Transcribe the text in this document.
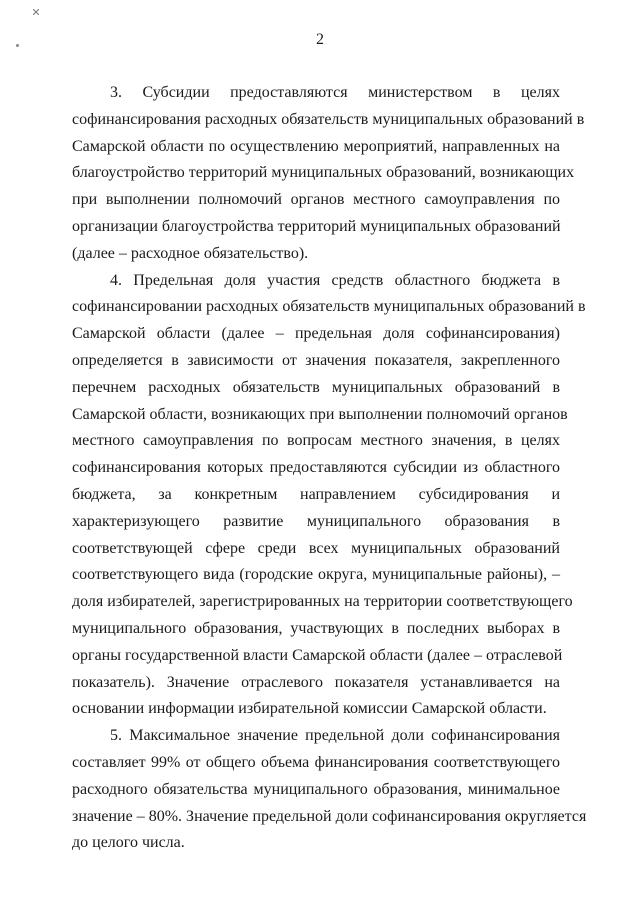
2
3. Субсидии предоставляются министерством в целях
софинансирования расходных обязательств муниципальных образований в
Самарской области по осуществлению мероприятий, направленных на
благоустройство территорий муниципальных образований, возникающих
при выполнении полномочий органов местного самоуправления по
организации благоустройства территорий муниципальных образований
(далее – расходное обязательство).
4. Предельная доля участия средств областного бюджета в
софинансировании расходных обязательств муниципальных образований в
Самарской области (далее – предельная доля софинансирования)
определяется в зависимости от значения показателя, закрепленного
перечнем расходных обязательств муниципальных образований в
Самарской области, возникающих при выполнении полномочий органов
местного самоуправления по вопросам местного значения, в целях
софинансирования которых предоставляются субсидии из областного
бюджета, за конкретным направлением субсидирования и
характеризующего развитие муниципального образования в
соответствующей сфере среди всех муниципальных образований
соответствующего вида (городские округа, муниципальные районы), –
доля избирателей, зарегистрированных на территории соответствующего
муниципального образования, участвующих в последних выборах в
органы государственной власти Самарской области (далее – отраслевой
показатель). Значение отраслевого показателя устанавливается на
основании информации избирательной комиссии Самарской области.
5. Максимальное значение предельной доли софинансирования
составляет 99% от общего объема финансирования соответствующего
расходного обязательства муниципального образования, минимальное
значение – 80%. Значение предельной доли софинансирования округляется
до целого числа.
